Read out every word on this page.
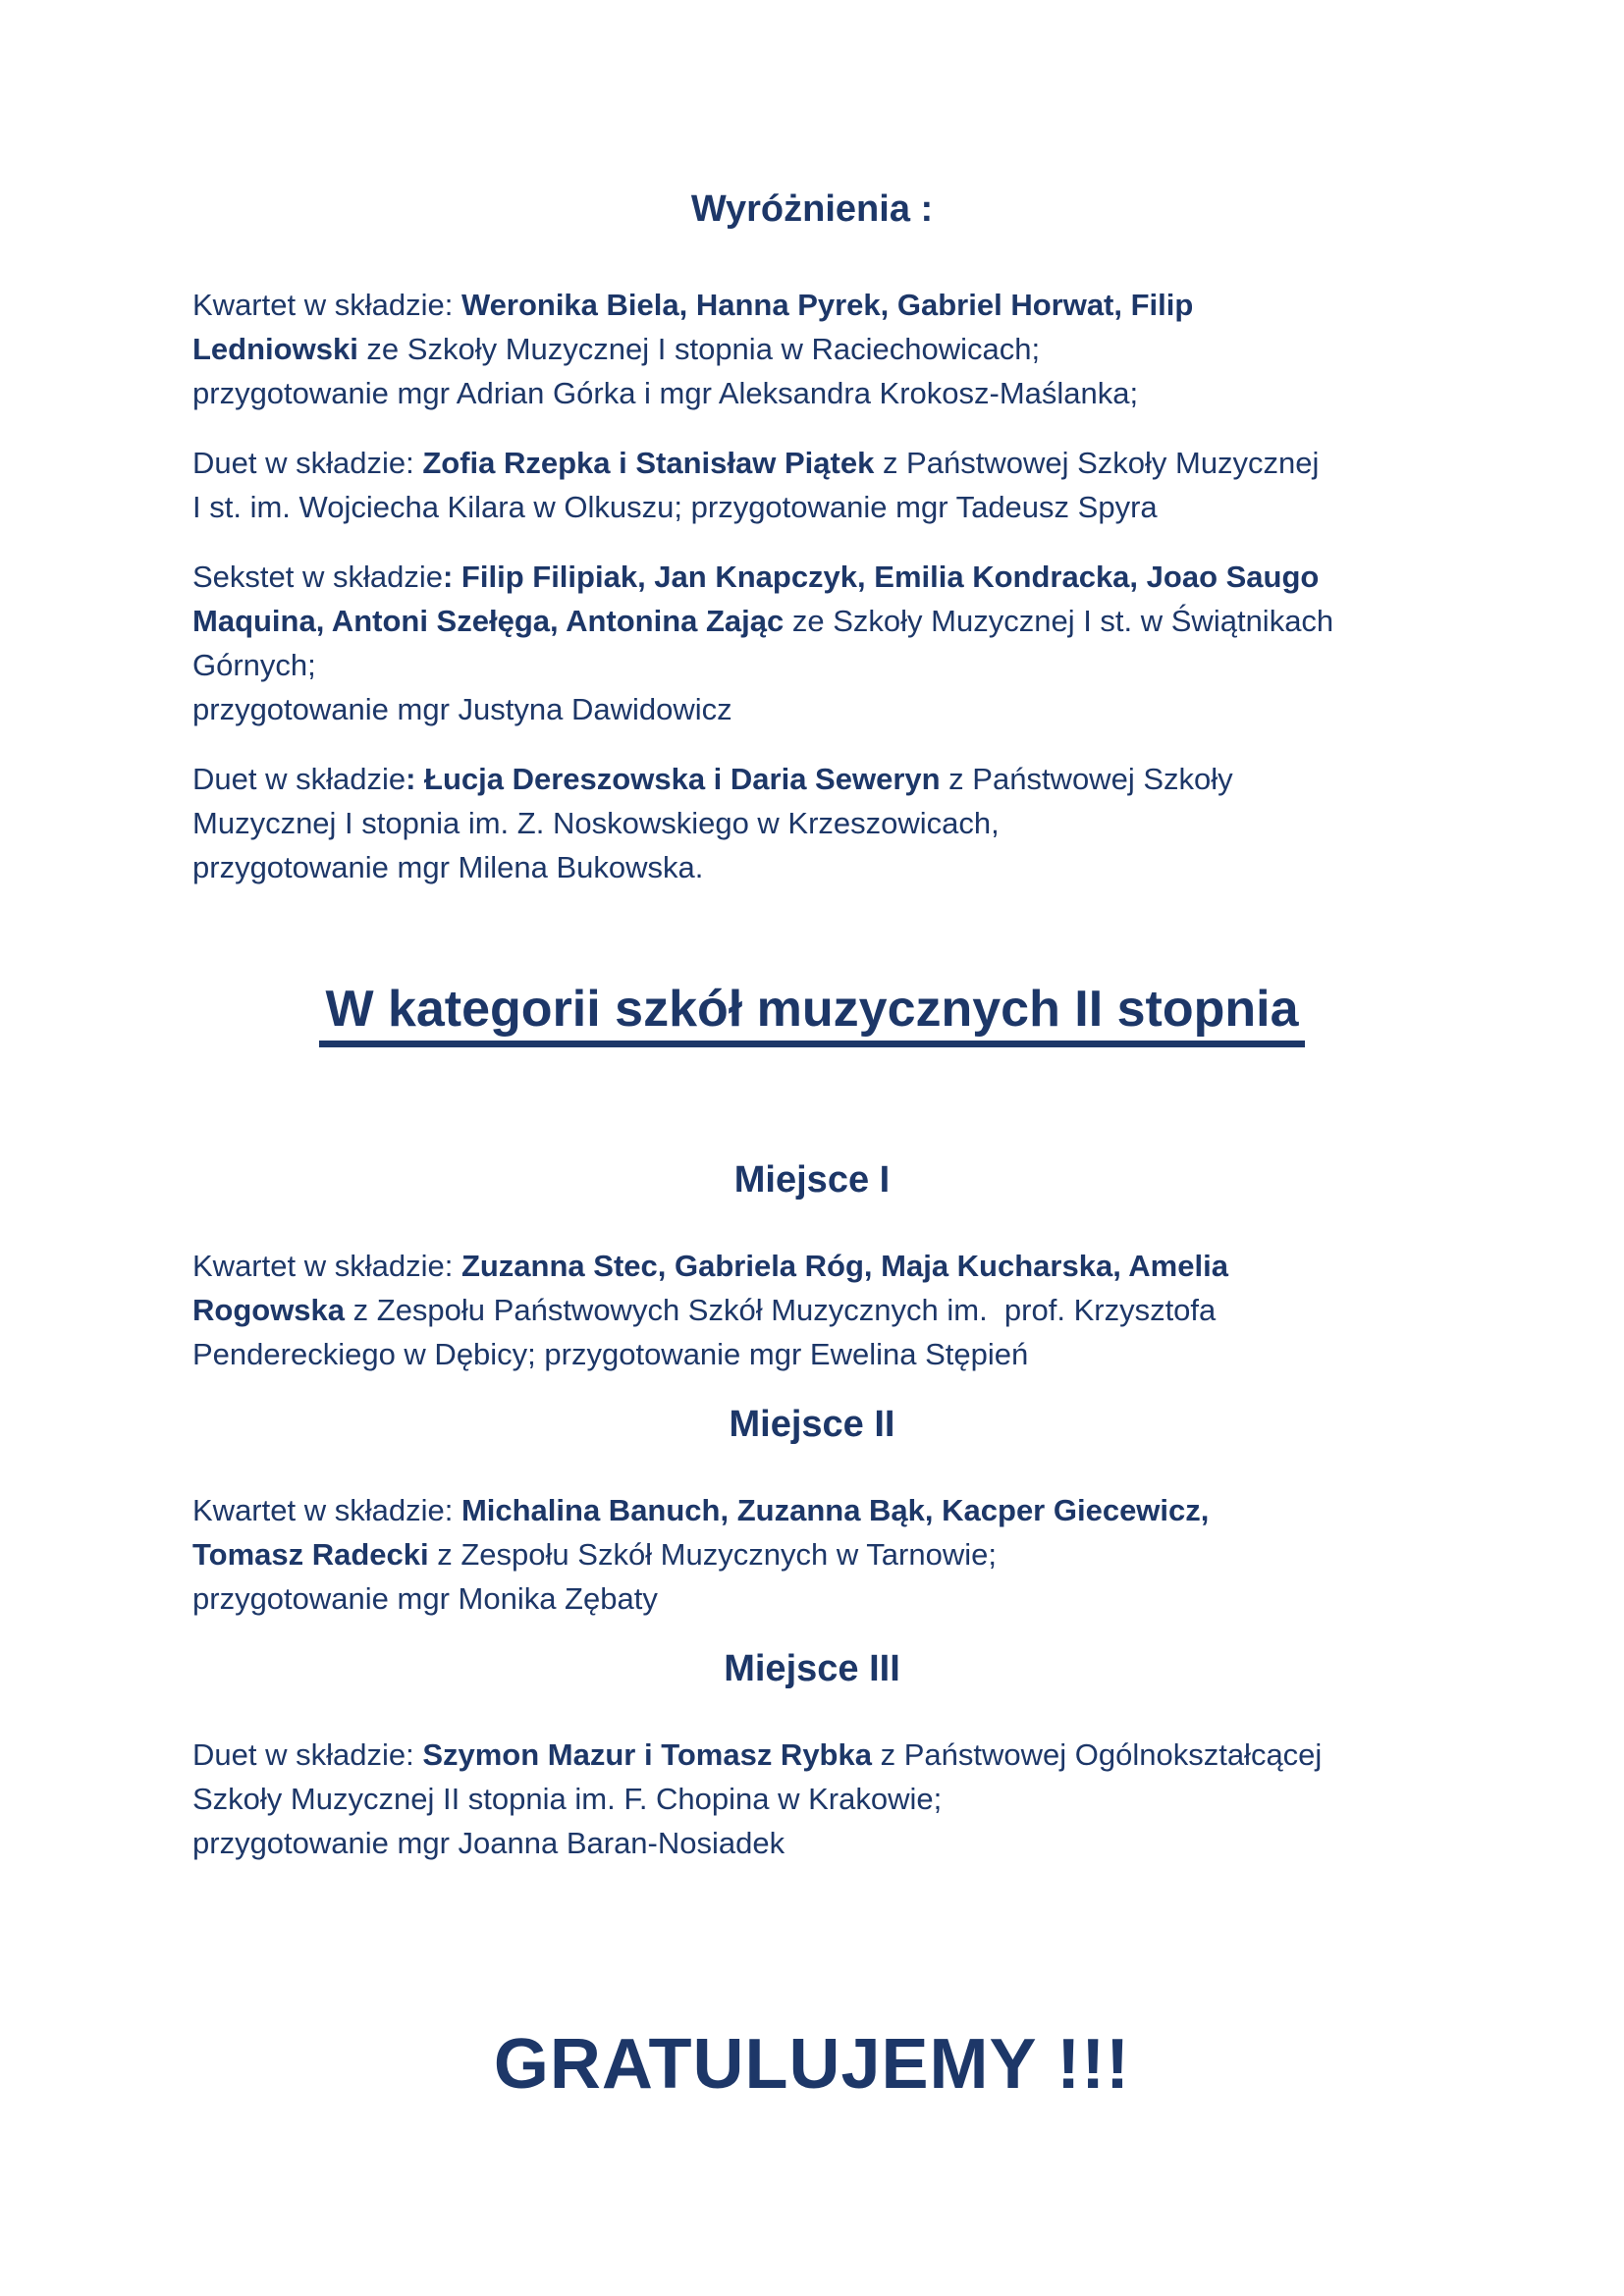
Wyróżnienia :
Kwartet w składzie: Weronika Biela, Hanna Pyrek, Gabriel Horwat, Filip
Ledniowski ze Szkoły Muzycznej I stopnia w Raciechowicach;
przygotowanie mgr Adrian Górka i mgr Aleksandra Krokosz-Maślanka;
Duet w składzie: Zofia Rzepka i Stanisław Piątek z Państwowej Szkoły Muzycznej
I st. im. Wojciecha Kilara w Olkuszu; przygotowanie mgr Tadeusz Spyra
Sekstet w składzie: Filip Filipiak, Jan Knapczyk, Emilia Kondracka, Joao Saugo
Maquina, Antoni Szełęga, Antonina Zając ze Szkoły Muzycznej I st. w Świątnikach
Górnych;
przygotowanie mgr Justyna Dawidowicz
Duet w składzie: Łucja Dereszowska i Daria Seweryn z Państwowej Szkoły
Muzycznej I stopnia im. Z. Noskowskiego w Krzeszowicach,
przygotowanie mgr Milena Bukowska.
W kategorii szkół muzycznych II stopnia
Miejsce I
Kwartet w składzie: Zuzanna Stec, Gabriela Róg, Maja Kucharska, Amelia
Rogowska z Zespołu Państwowych Szkół Muzycznych im.  prof. Krzysztofa
Pendereckiego w Dębicy; przygotowanie mgr Ewelina Stępień
Miejsce II
Kwartet w składzie: Michalina Banuch, Zuzanna Bąk, Kacper Giecewicz,
Tomasz Radecki z Zespołu Szkół Muzycznych w Tarnowie;
przygotowanie mgr Monika Zębaty
Miejsce III
Duet w składzie: Szymon Mazur i Tomasz Rybka z Państwowej Ogólnokształcącej
Szkoły Muzycznej II stopnia im. F. Chopina w Krakowie;
przygotowanie mgr Joanna Baran-Nosiadek
GRATULUJEMY !!!
